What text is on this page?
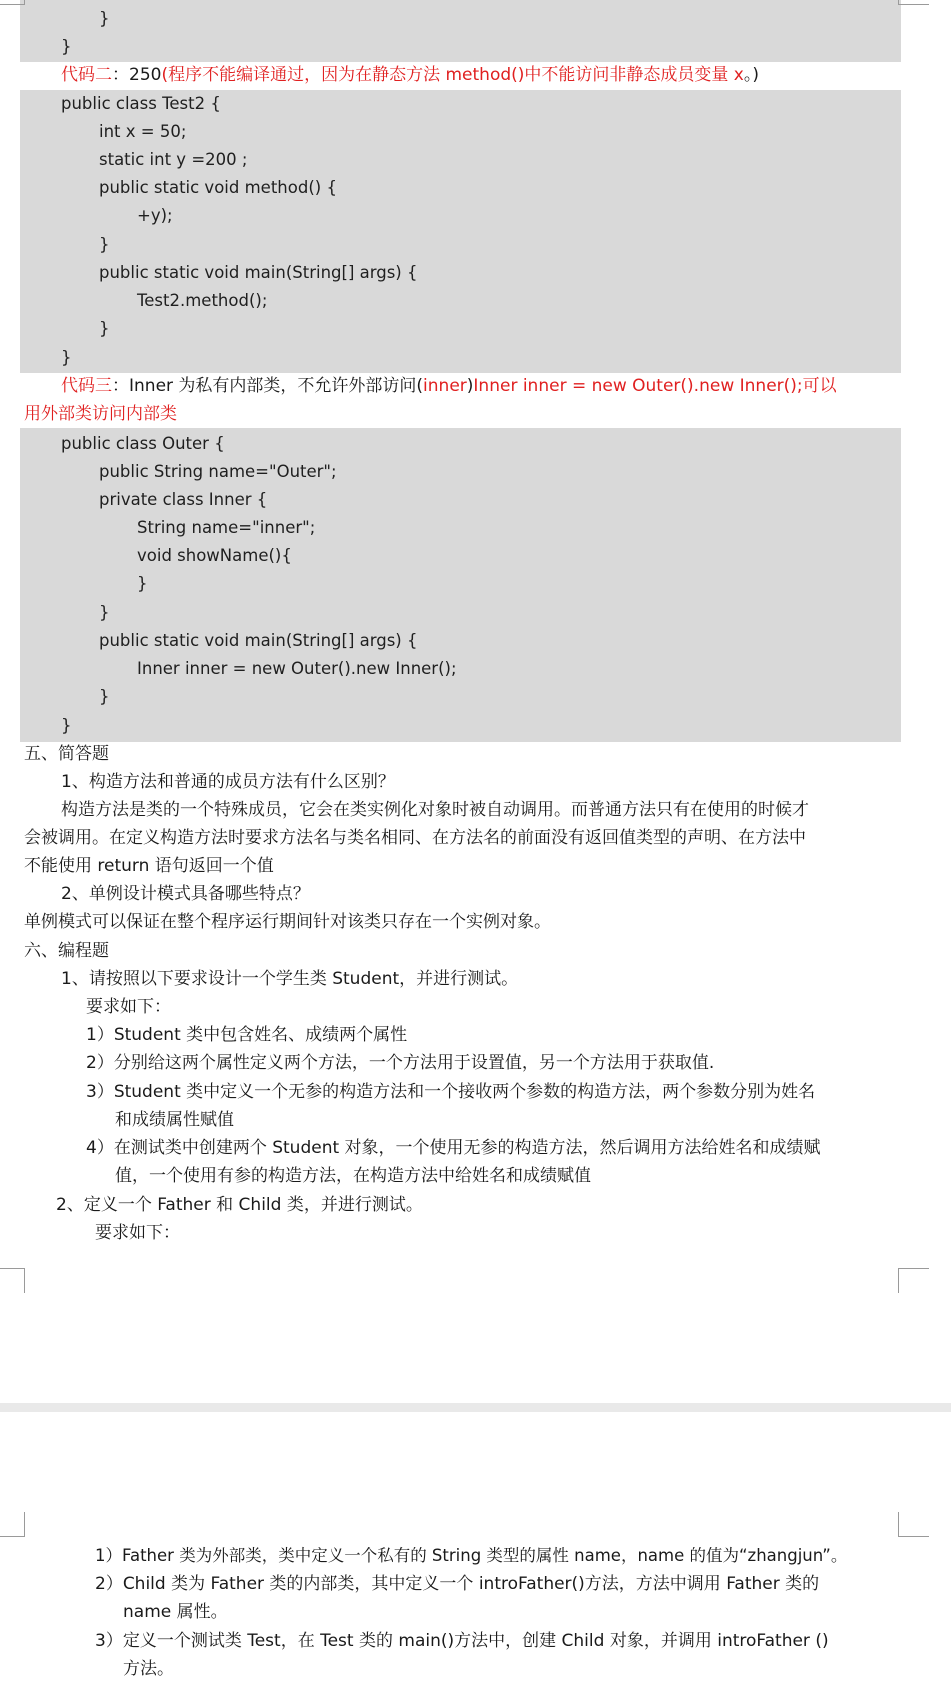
}
}
代码二：250(程序不能编译通过，因为在静态方法 method()中不能访问非静态成员变量 x。)
public class Test2 {
int x = 50;
static int y =200 ;
public static void method() {
+y);
}
public static void main(String[] args) {
Test2.method();
}
}
代码三：Inner 为私有内部类，不允许外部访问(inner)Inner inner = new Outer().new Inner();可以
用外部类访问内部类
public class Outer {
public String name="Outer";
private class Inner {
String name="inner";
void showName(){
}
}
public static void main(String[] args) {
Inner inner = new Outer().new Inner();
}
}
五、简答题
1、构造方法和普通的成员方法有什么区别？
构造方法是类的一个特殊成员，它会在类实例化对象时被自动调用。而普通方法只有在使用的时候才
会被调用。在定义构造方法时要求方法名与类名相同、在方法名的前面没有返回值类型的声明、在方法中
不能使用 return 语句返回一个值
2、单例设计模式具备哪些特点？
单例模式可以保证在整个程序运行期间针对该类只存在一个实例对象。
六、编程题
1、请按照以下要求设计一个学生类 Student，并进行测试。
要求如下：
1）Student 类中包含姓名、成绩两个属性
2）分别给这两个属性定义两个方法，一个方法用于设置值，另一个方法用于获取值.
3）Student 类中定义一个无参的构造方法和一个接收两个参数的构造方法，两个参数分别为姓名
和成绩属性赋值
4）在测试类中创建两个 Student 对象，一个使用无参的构造方法，然后调用方法给姓名和成绩赋
值，一个使用有参的构造方法，在构造方法中给姓名和成绩赋值
2、定义一个 Father 和 Child 类，并进行测试。
要求如下：
1）Father 类为外部类，类中定义一个私有的 String 类型的属性 name，name 的值为“zhangjun”。
2）Child 类为 Father 类的内部类，其中定义一个 introFather()方法，方法中调用 Father 类的
name 属性。
3）定义一个测试类 Test，在 Test 类的 main()方法中，创建 Child 对象，并调用 introFather ()
方法。
